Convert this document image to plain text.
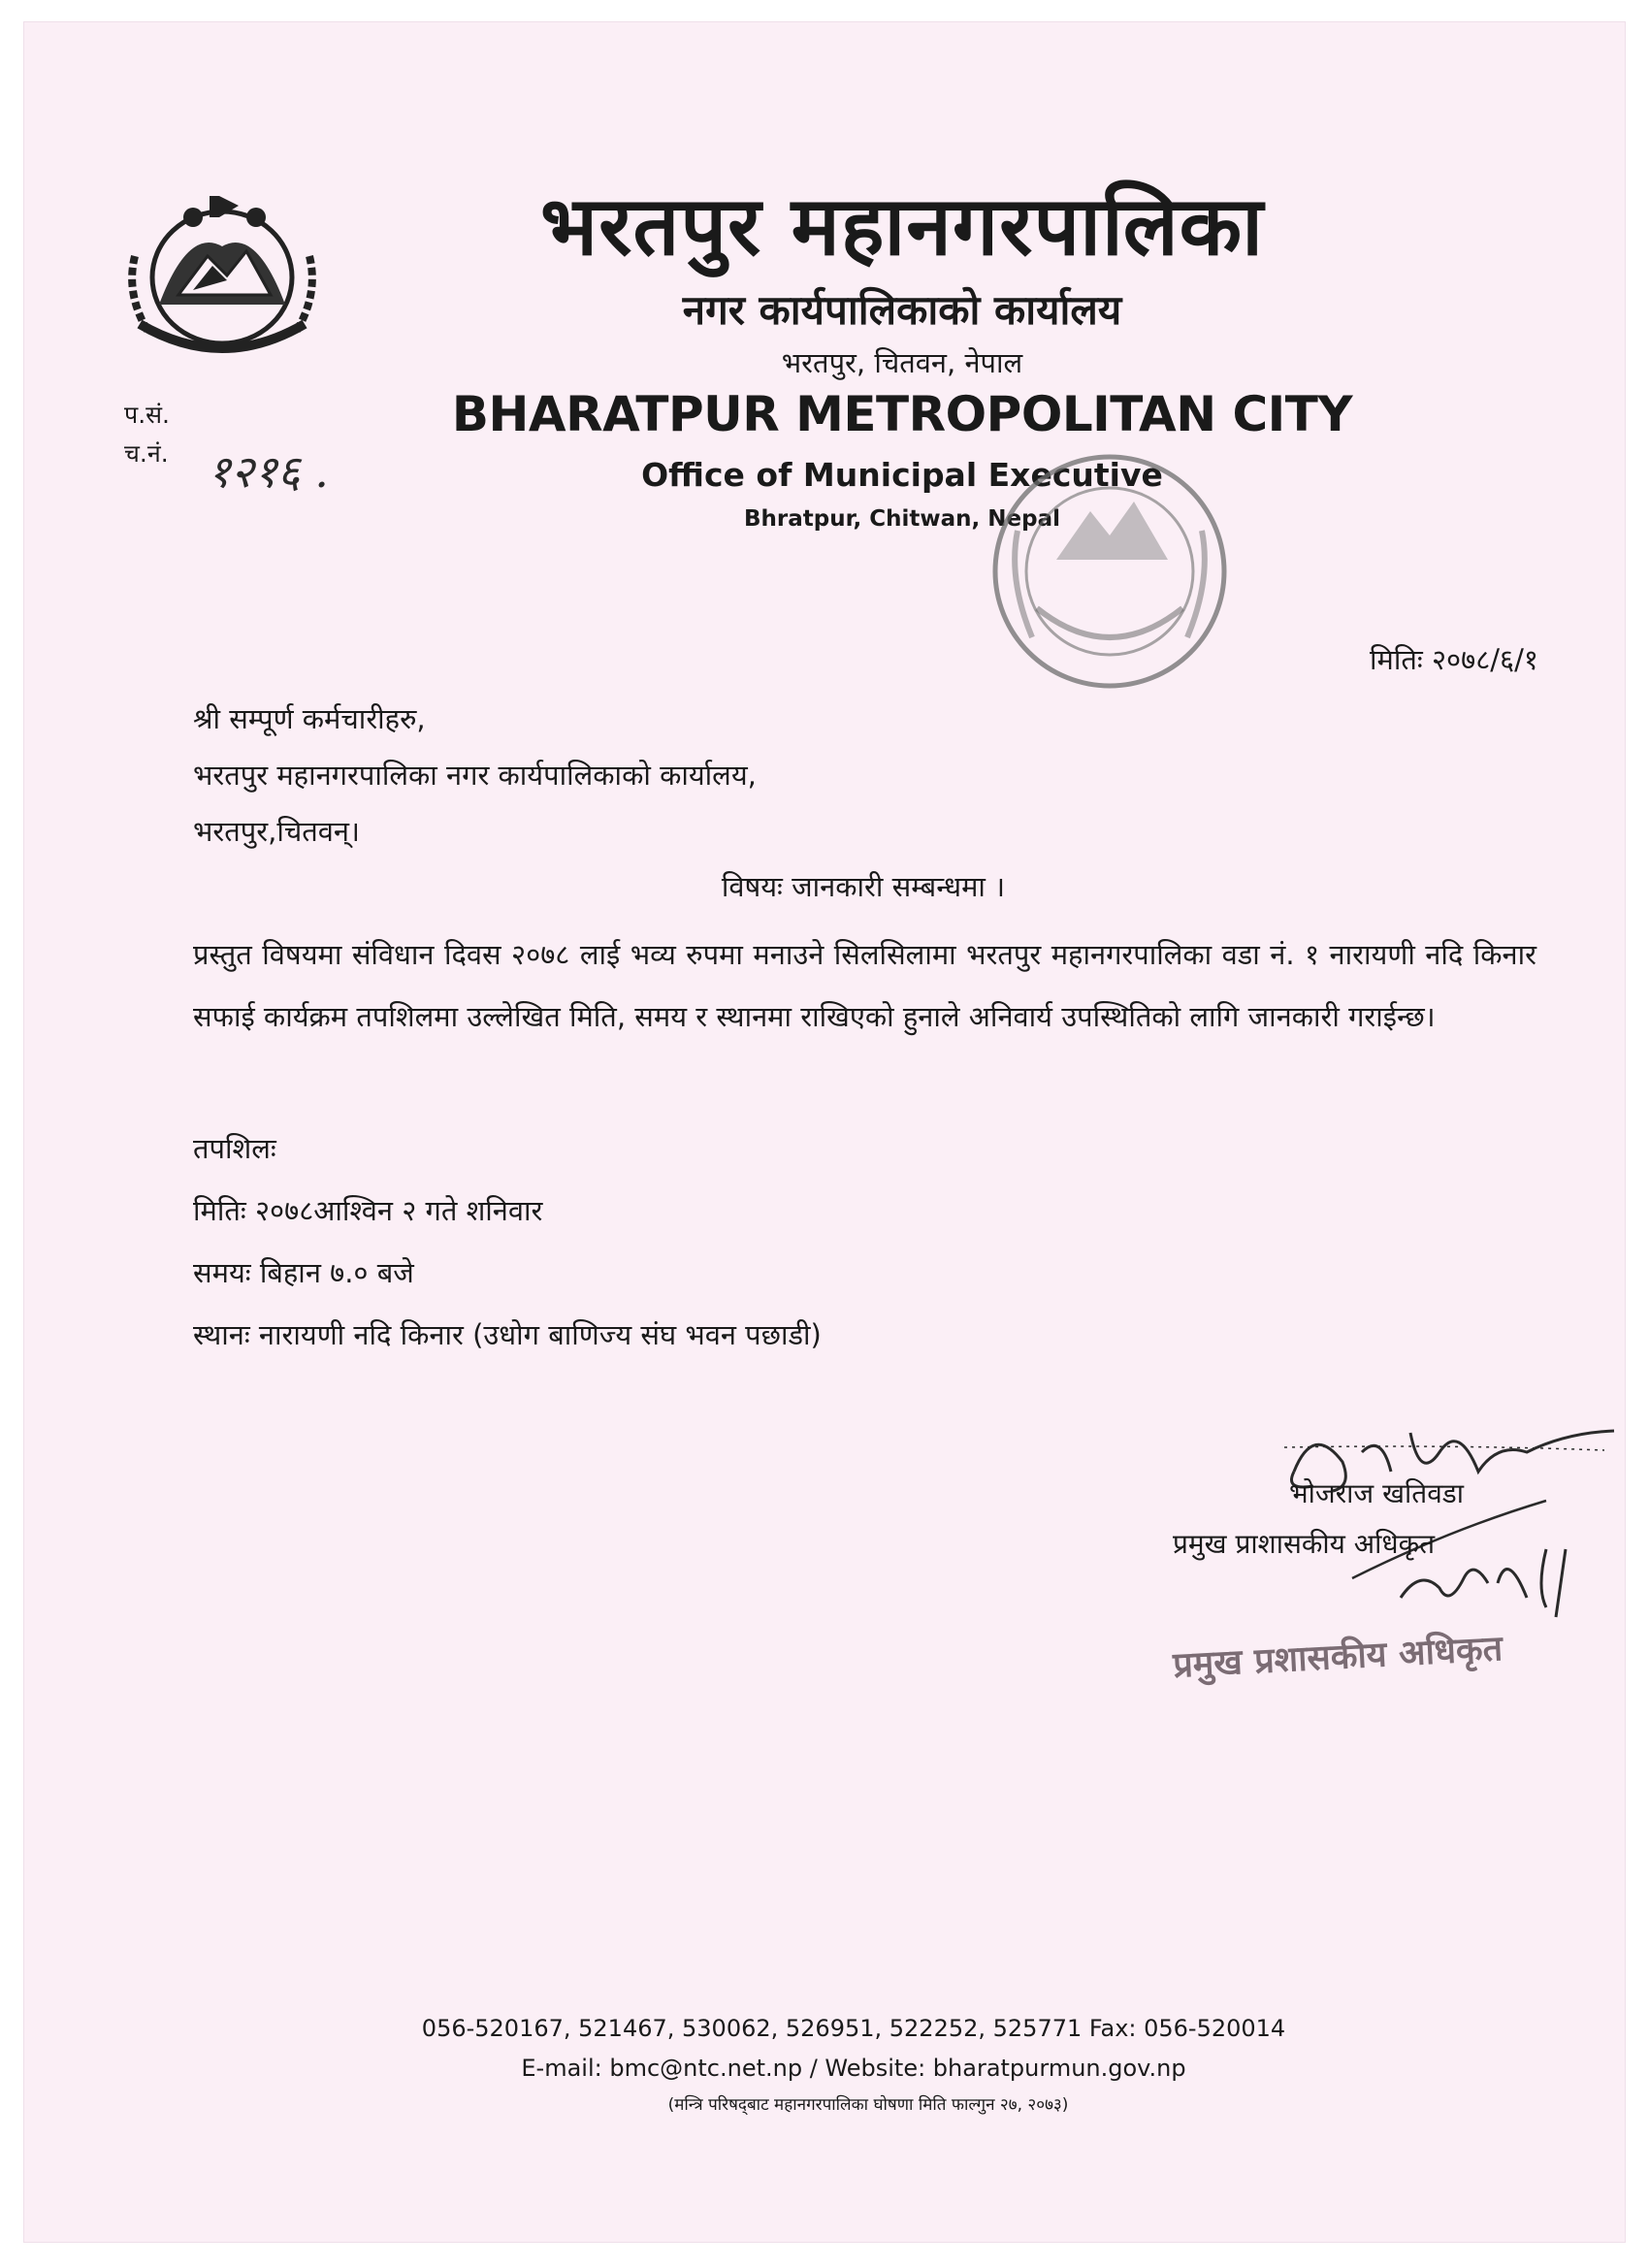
भरतपुर महानगरपालिका
नगर कार्यपालिकाको कार्यालय
भरतपुर, चितवन, नेपाल
BHARATPUR METROPOLITAN CITY
Office of Municipal Executive
Bhratpur, Chitwan, Nepal
प.सं.
च.नं. १२१६ .
मितिः २०७८/६/१
श्री सम्पूर्ण कर्मचारीहरु,
भरतपुर महानगरपालिका नगर कार्यपालिकाको कार्यालय,
भरतपुर,चितवन्।
विषयः जानकारी सम्बन्धमा ।
प्रस्तुत विषयमा संविधान दिवस २०७८ लाई भव्य रुपमा मनाउने सिलसिलामा भरतपुर महानगरपालिका वडा नं. १ नारायणी नदि किनार सफाई कार्यक्रम तपशिलमा उल्लेखित मिति, समय र स्थानमा राखिएको हुनाले अनिवार्य उपस्थितिको लागि जानकारी गराईन्छ।
तपशिलः
मितिः २०७८आश्विन २ गते शनिवार
समयः बिहान ७.० बजे
स्थानः नारायणी नदि किनार (उधोग बाणिज्य संघ भवन पछाडी)
भोजराज खतिवडा
प्रमुख प्राशासकीय अधिकृत
प्रमुख प्रशासकीय अधिकृत
056-520167, 521467, 530062, 526951, 522252, 525771 Fax: 056-520014
E-mail: bmc@ntc.net.np / Website: bharatpurmun.gov.np
(मन्त्रि परिषद्‍बाट महानगरपालिका घोषणा मिति फाल्गुन २७, २०७३)
